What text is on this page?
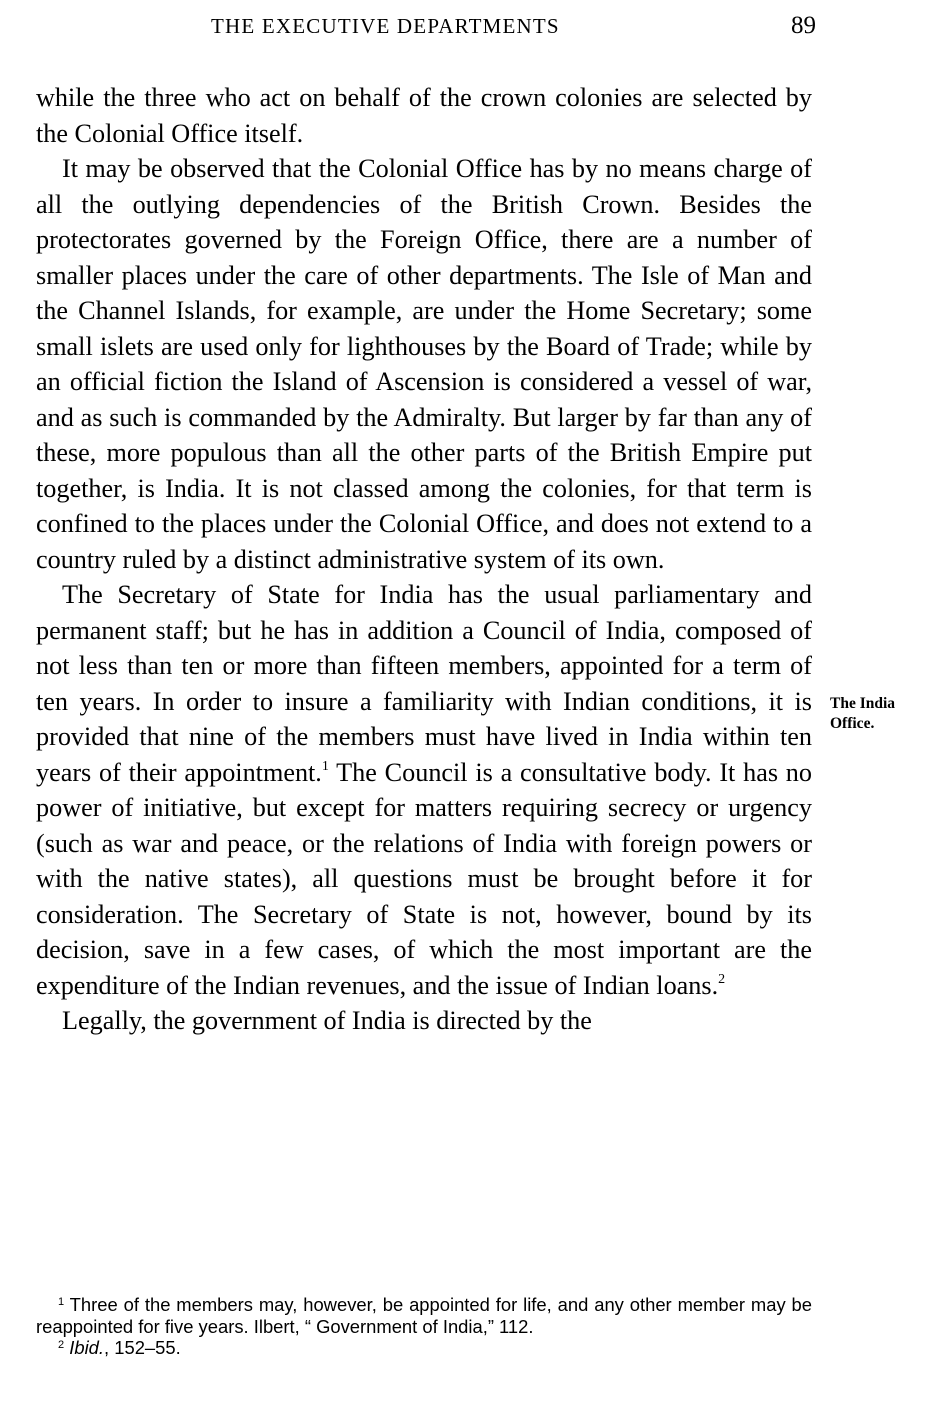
THE EXECUTIVE DEPARTMENTS	89

while the three who act on behalf of the crown colonies are selected by the Colonial Office itself.

It may be observed that the Colonial Office has by no means charge of all the outlying dependencies of the British Crown. Besides the protectorates governed by the Foreign Office, there are a number of smaller places under the care of other departments. The Isle of Man and the Channel Islands, for example, are under the Home Secretary; some small islets are used only for lighthouses by the Board of Trade; while by an official fiction the Island of Ascension is considered a vessel of war, and as such is commanded by the Admiralty. But larger by far than any of these, more populous than all the other parts of the British Empire put together, is India. It is not classed among the colonies, for that term is confined to the places under the Colonial Office, and does not extend to a country ruled by a distinct administrative system of its own.

The Secretary of State for India has the usual parliamentary and permanent staff; but he has in addition a Council of India, composed of not less than ten or more than fifteen members, appointed for a term of ten years. In order to insure a familiarity with Indian conditions, it is provided that nine of the members must have lived in India within ten years of their appointment.$^1$ The Council is a consultative body. It has no power of initiative, but except for matters requiring secrecy or urgency (such as war and peace, or the relations of India with foreign powers or with the native states), all questions must be brought before it for consideration. The Secretary of State is not, however, bound by its decision, save in a few cases, of which the most important are the expenditure of the Indian revenues, and the issue of Indian loans.$^2$

Legally, the government of India is directed by the

The India
Office.

$^1$ Three of the members may, however, be appointed for life, and any other member may be reappointed for five years. Ilbert, “ Government of India,” 112.

$^2$ Ibid., 152–55.
